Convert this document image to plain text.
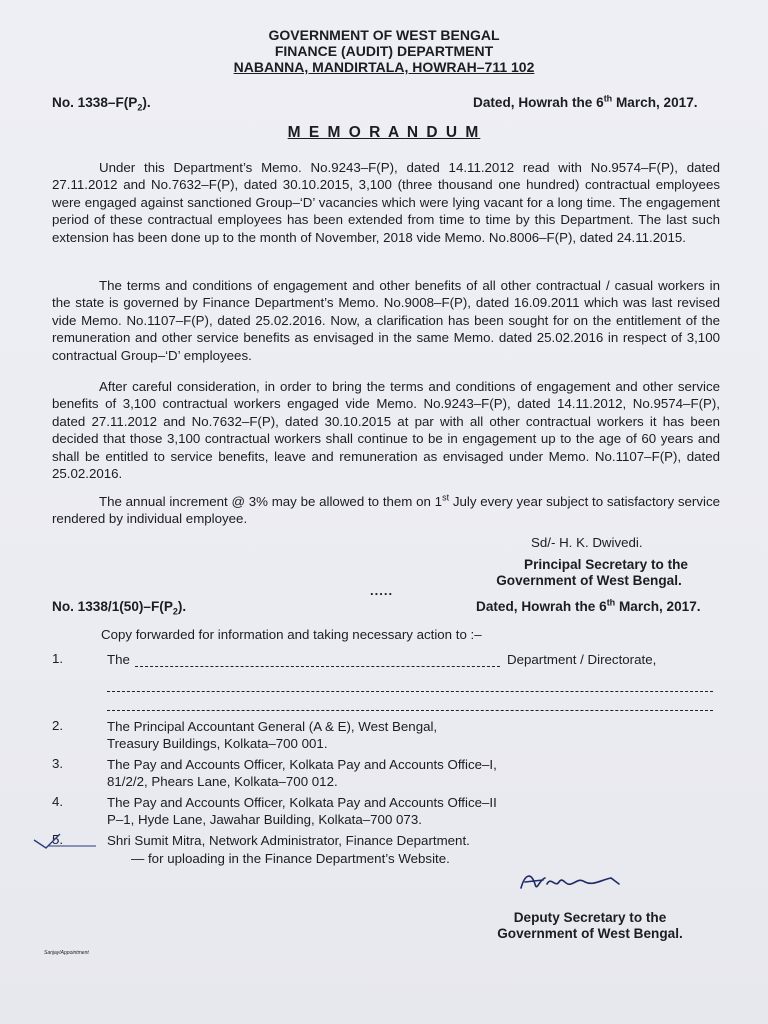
GOVERNMENT OF WEST BENGAL
FINANCE (AUDIT) DEPARTMENT
NABANNA, MANDIRTALA, HOWRAH–711 102
No. $1338-F(P_2)$.	Dated, Howrah the 6th March, 2017.
M E M O R A N D U M
Under this Department’s Memo. No.9243–F(P), dated 14.11.2012 read with No.9574–F(P), dated 27.11.2012 and No.7632–F(P), dated 30.10.2015, 3,100 (three thousand one hundred) contractual employees were engaged against sanctioned Group–‘D’ vacancies which were lying vacant for a long time. The engagement period of these contractual employees has been extended from time to time by this Department. The last such extension has been done up to the month of November, 2018 vide Memo. No.8006–F(P), dated 24.11.2015.
The terms and conditions of engagement and other benefits of all other contractual / casual workers in the state is governed by Finance Department’s Memo. No.9008–F(P), dated 16.09.2011 which was last revised vide Memo. No.1107–F(P), dated 25.02.2016. Now, a clarification has been sought for on the entitlement of the remuneration and other service benefits as envisaged in the same Memo. dated 25.02.2016 in respect of 3,100 contractual Group–‘D’ employees.
After careful consideration, in order to bring the terms and conditions of engagement and other service benefits of 3,100 contractual workers engaged vide Memo. No.9243–F(P), dated 14.11.2012, No.9574–F(P), dated 27.11.2012 and No.7632–F(P), dated 30.10.2015 at par with all other contractual workers it has been decided that those 3,100 contractual workers shall continue to be in engagement up to the age of 60 years and shall be entitled to service benefits, leave and remuneration as envisaged under Memo. No.1107–F(P), dated 25.02.2016.
The annual increment @ 3% may be allowed to them on 1st July every year subject to satisfactory service rendered by individual employee.
Sd/- H. K. Dwivedi.
Principal Secretary to the
Government of West Bengal.
.....
No. $1338/1(50)-F(P_2)$.	Dated, Howrah the 6th March, 2017.
Copy forwarded for information and taking necessary action to :–
1.	The	Department / Directorate,
2.	The Principal Accountant General (A & E), West Bengal,
Treasury Buildings, Kolkata–700 001.
3.	The Pay and Accounts Officer, Kolkata Pay and Accounts Office–I,
81/2/2, Phears Lane, Kolkata–700 012.
4.	The Pay and Accounts Officer, Kolkata Pay and Accounts Office–II
P–1, Hyde Lane, Jawahar Building, Kolkata–700 073.
5.	Shri Sumit Mitra, Network Administrator, Finance Department.
— for uploading in the Finance Department’s Website.
Deputy Secretary to the
Government of West Bengal.
Sanjay/Appointment
